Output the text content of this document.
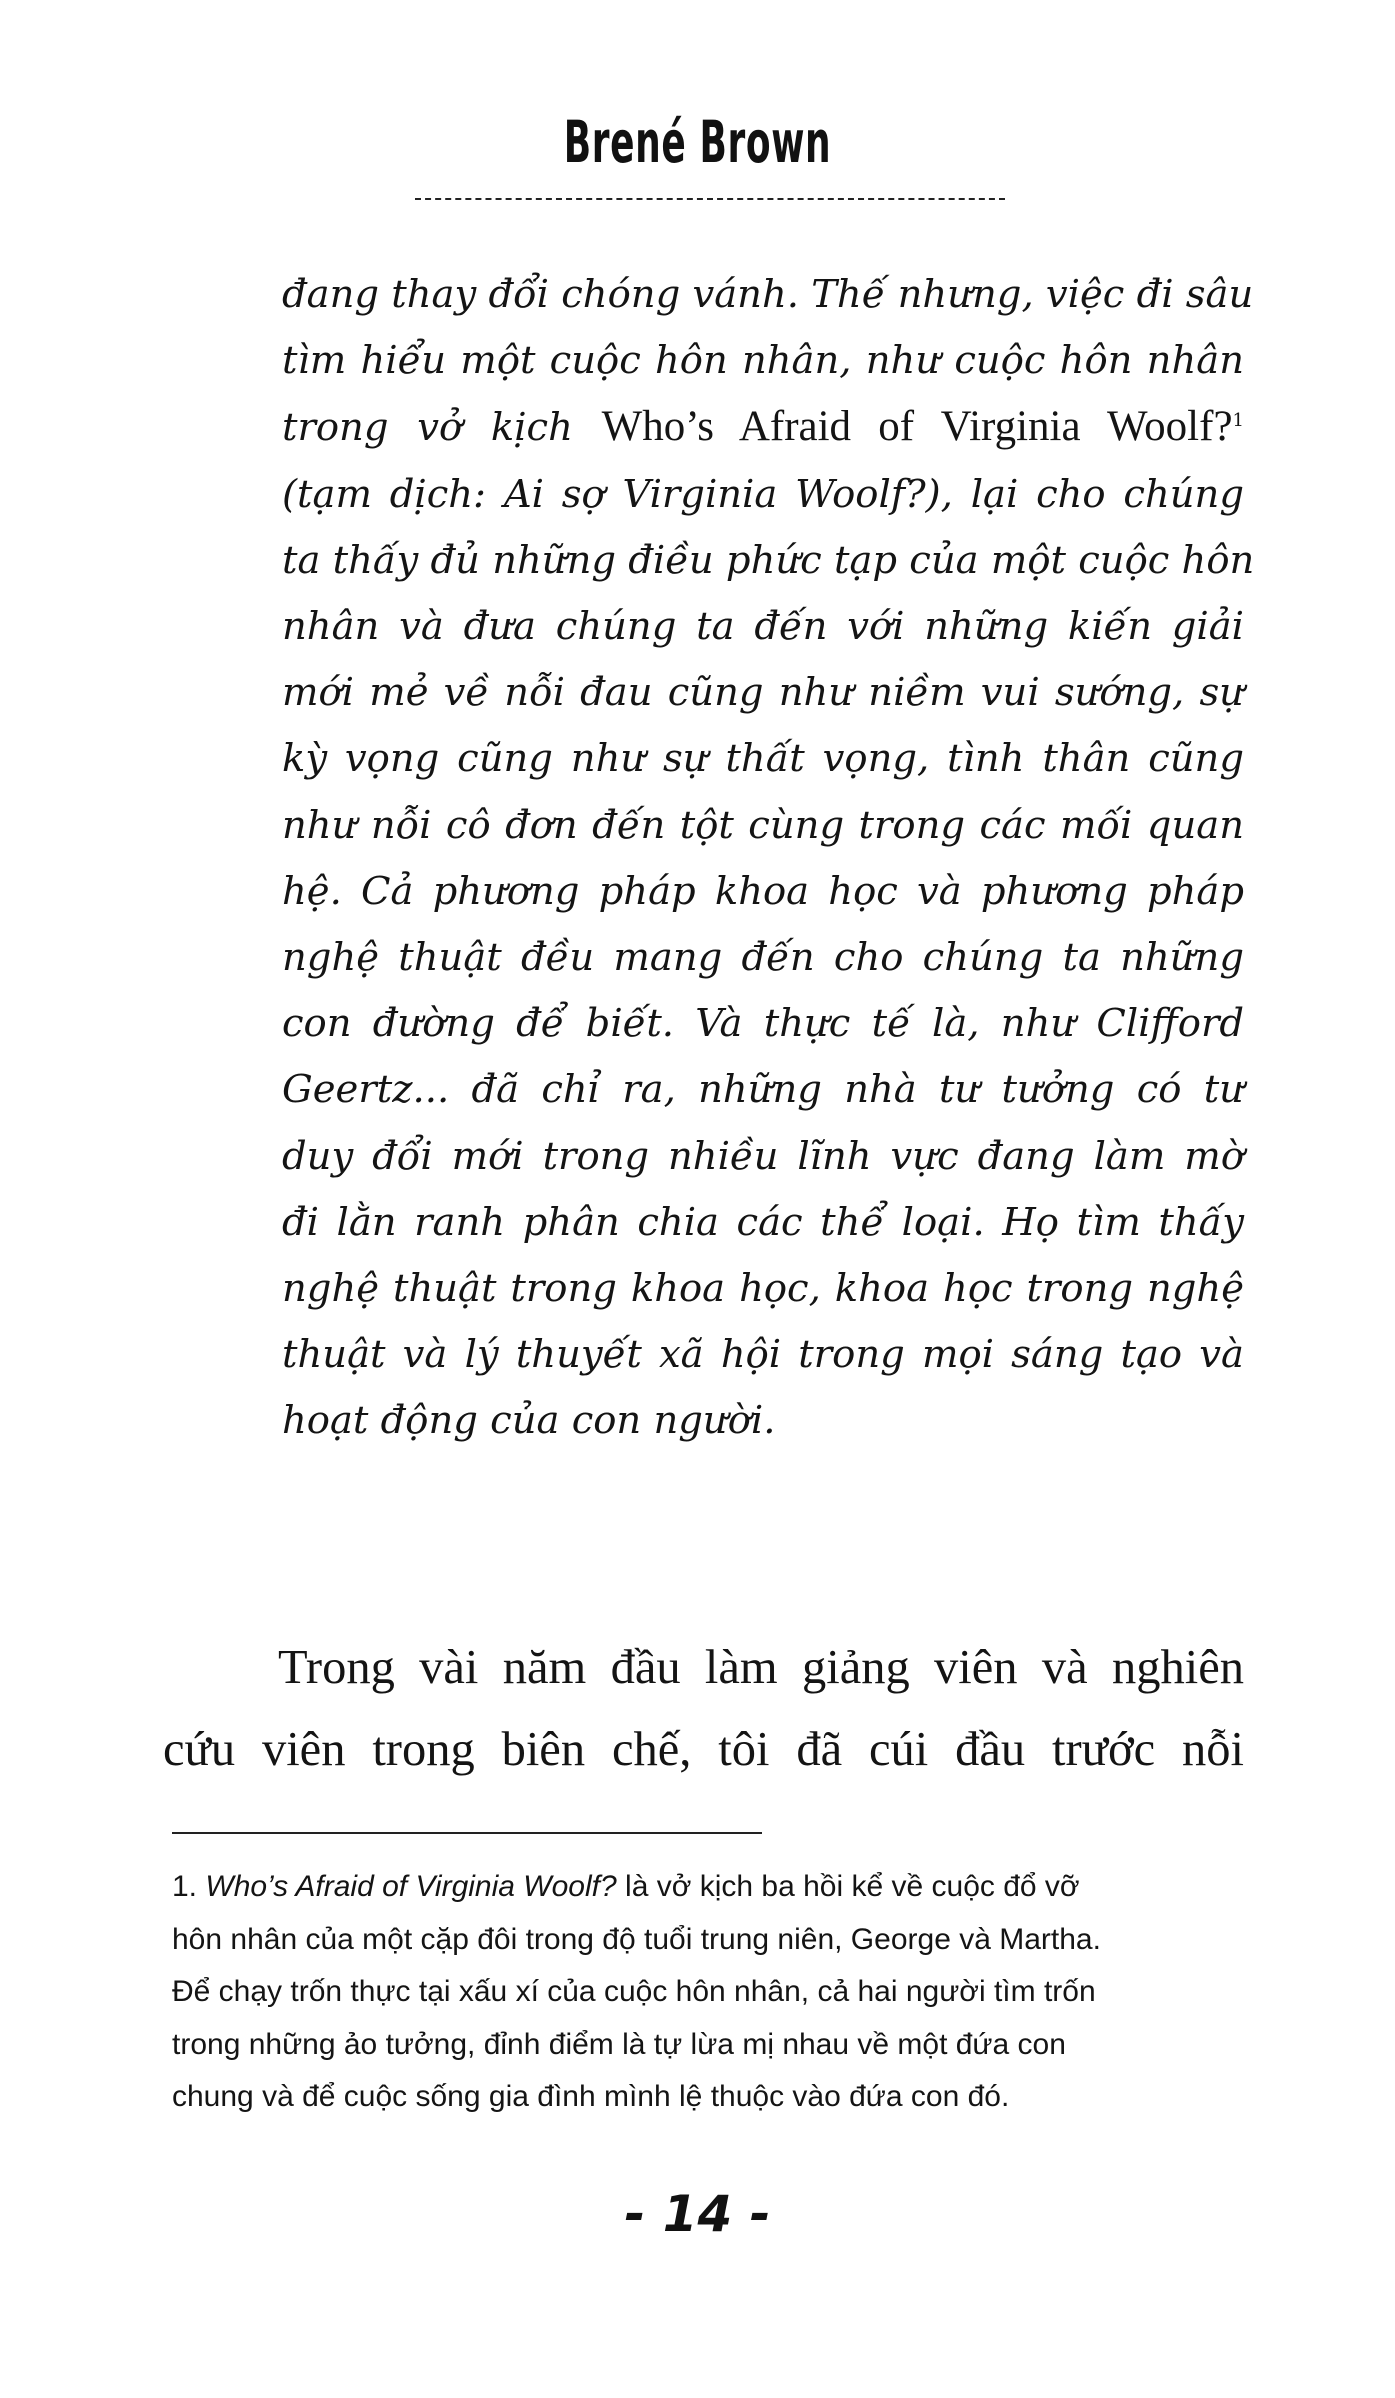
Brené Brown
đang thay đổi chóng vánh. Thế nhưng, việc đi sâu
tìm hiểu một cuộc hôn nhân, như cuộc hôn nhân
trong vở kịch Who’s Afraid of Virginia Woolf?$^1$
(tạm dịch: Ai sợ Virginia Woolf?), lại cho chúng
ta thấy đủ những điều phức tạp của một cuộc hôn
nhân và đưa chúng ta đến với những kiến giải
mới mẻ về nỗi đau cũng như niềm vui sướng, sự
kỳ vọng cũng như sự thất vọng, tình thân cũng
như nỗi cô đơn đến tột cùng trong các mối quan
hệ. Cả phương pháp khoa học và phương pháp
nghệ thuật đều mang đến cho chúng ta những
con đường để biết. Và thực tế là, như Clifford
Geertz... đã chỉ ra, những nhà tư tưởng có tư
duy đổi mới trong nhiều lĩnh vực đang làm mờ
đi lằn ranh phân chia các thể loại. Họ tìm thấy
nghệ thuật trong khoa học, khoa học trong nghệ
thuật và lý thuyết xã hội trong mọi sáng tạo và
hoạt động của con người.
Trong vài năm đầu làm giảng viên và nghiên
cứu viên trong biên chế, tôi đã cúi đầu trước nỗi
1. Who’s Afraid of Virginia Woolf? là vở kịch ba hồi kể về cuộc đổ vỡ
hôn nhân của một cặp đôi trong độ tuổi trung niên, George và Martha.
Để chạy trốn thực tại xấu xí của cuộc hôn nhân, cả hai người tìm trốn
trong những ảo tưởng, đỉnh điểm là tự lừa mị nhau về một đứa con
chung và để cuộc sống gia đình mình lệ thuộc vào đứa con đó.
- 14 -
